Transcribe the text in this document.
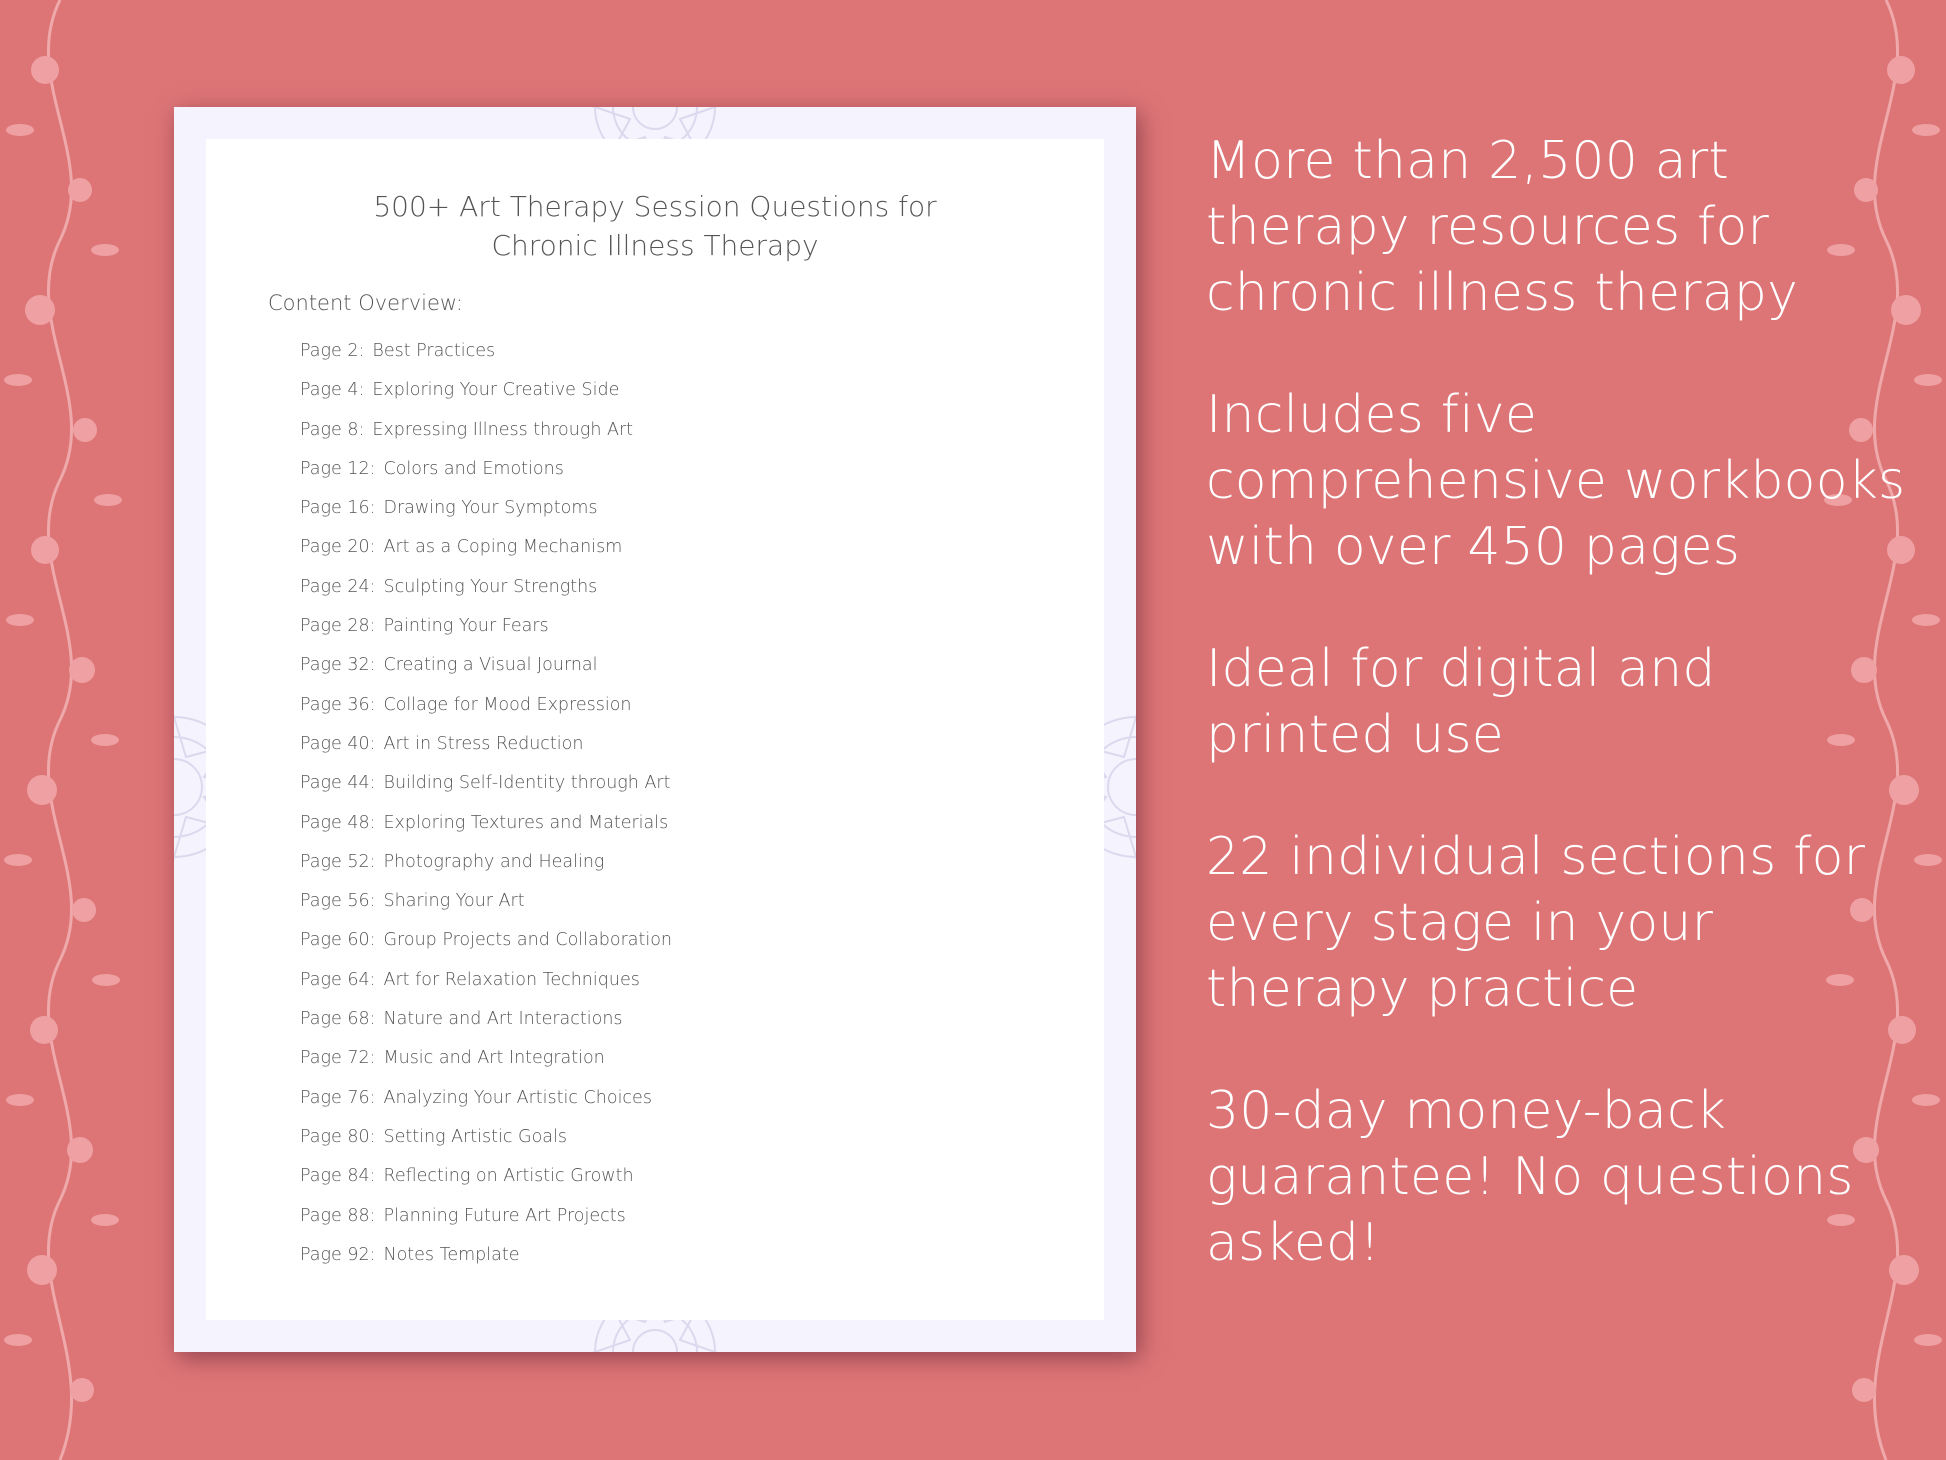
500+ Art Therapy Session Questions for
Chronic Illness Therapy
Content Overview:
Page 2: Best Practices
Page 4: Exploring Your Creative Side
Page 8: Expressing Illness through Art
Page 12: Colors and Emotions
Page 16: Drawing Your Symptoms
Page 20: Art as a Coping Mechanism
Page 24: Sculpting Your Strengths
Page 28: Painting Your Fears
Page 32: Creating a Visual Journal
Page 36: Collage for Mood Expression
Page 40: Art in Stress Reduction
Page 44: Building Self-Identity through Art
Page 48: Exploring Textures and Materials
Page 52: Photography and Healing
Page 56: Sharing Your Art
Page 60: Group Projects and Collaboration
Page 64: Art for Relaxation Techniques
Page 68: Nature and Art Interactions
Page 72: Music and Art Integration
Page 76: Analyzing Your Artistic Choices
Page 80: Setting Artistic Goals
Page 84: Reflecting on Artistic Growth
Page 88: Planning Future Art Projects
Page 92: Notes Template
More than 2,500 art therapy resources for chronic illness therapy
Includes five comprehensive workbooks with over 450 pages
Ideal for digital and printed use
22 individual sections for every stage in your therapy practice
30-day money-back guarantee! No questions asked!
